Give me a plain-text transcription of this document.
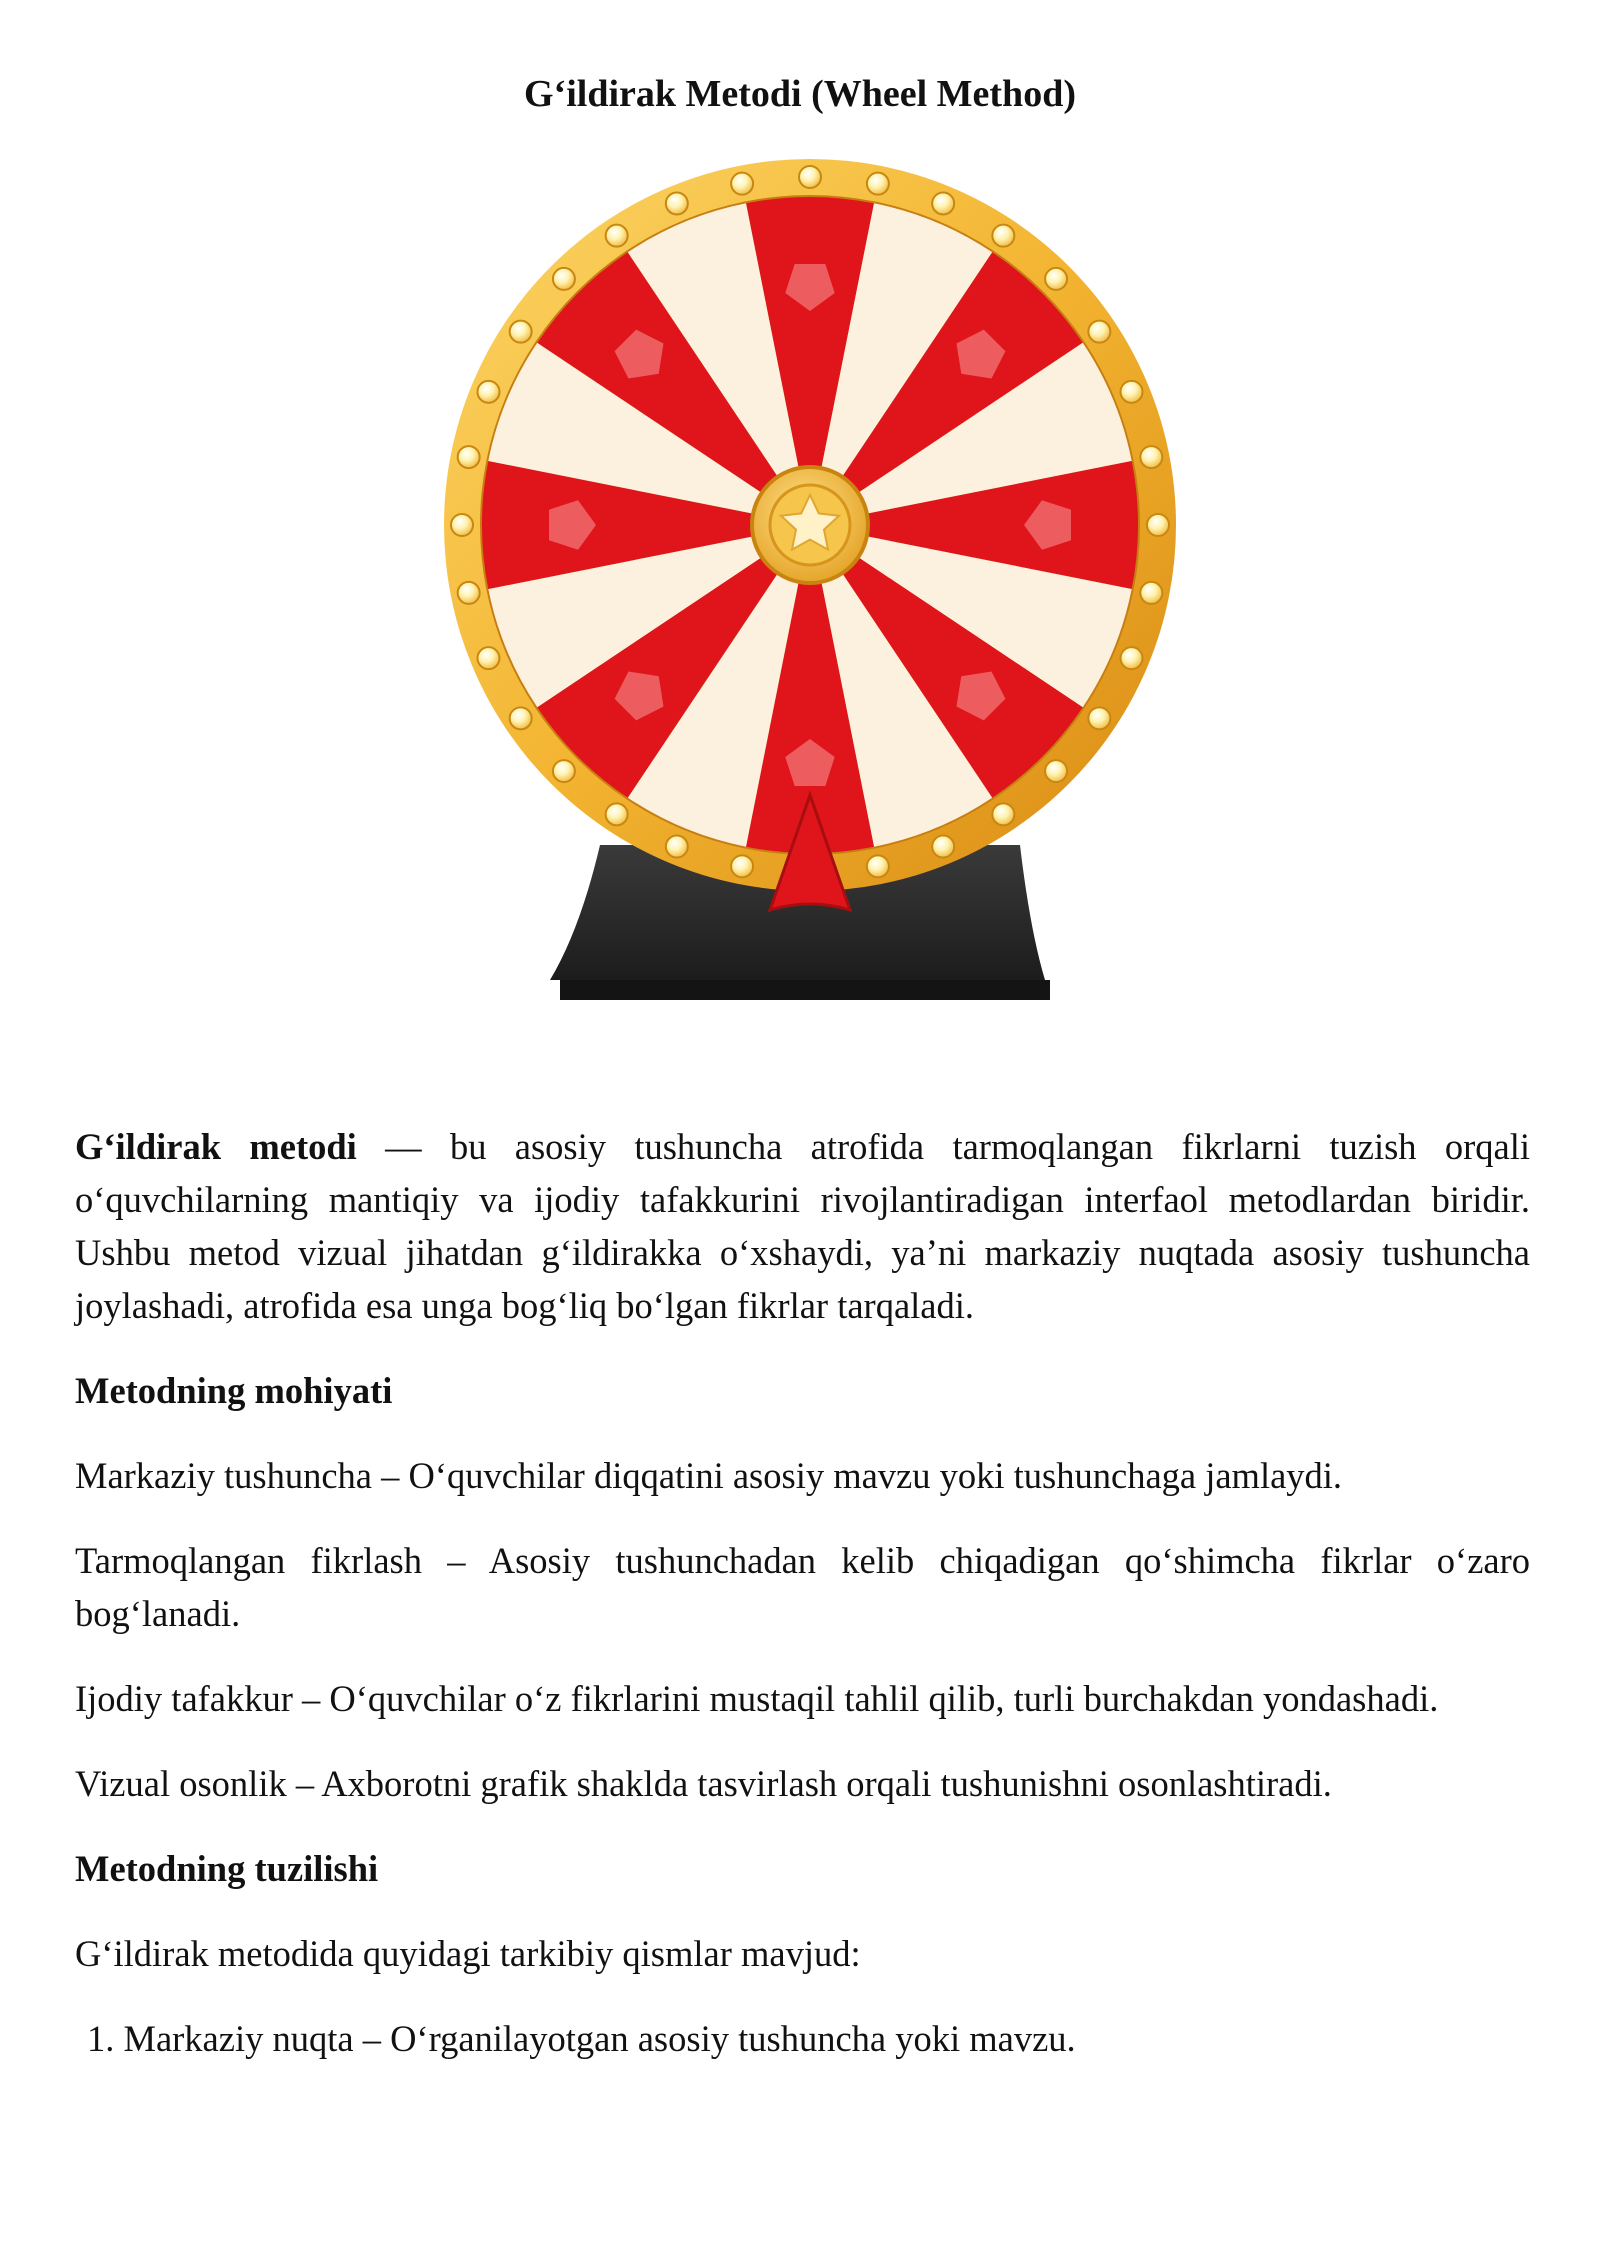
G‘ildirak Metodi (Wheel Method)

G‘ildirak metodi — bu asosiy tushuncha atrofida tarmoqlangan fikrlarni tuzish orqali o‘quvchilarning mantiqiy va ijodiy tafakkurini rivojlantiradigan interfaol metodlardan biridir. Ushbu metod vizual jihatdan g‘ildirakka o‘xshaydi, ya’ni markaziy nuqtada asosiy tushuncha joylashadi, atrofida esa unga bog‘liq bo‘lgan fikrlar tarqaladi.

Metodning mohiyati

Markaziy tushuncha – O‘quvchilar diqqatini asosiy mavzu yoki tushunchaga jamlaydi.

Tarmoqlangan fikrlash – Asosiy tushunchadan kelib chiqadigan qo‘shimcha fikrlar o‘zaro bog‘lanadi.

Ijodiy tafakkur – O‘quvchilar o‘z fikrlarini mustaqil tahlil qilib, turli burchakdan yondashadi.

Vizual osonlik – Axborotni grafik shaklda tasvirlash orqali tushunishni osonlashtiradi.

Metodning tuzilishi

G‘ildirak metodida quyidagi tarkibiy qismlar mavjud:

1. Markaziy nuqta – O‘rganilayotgan asosiy tushuncha yoki mavzu.
